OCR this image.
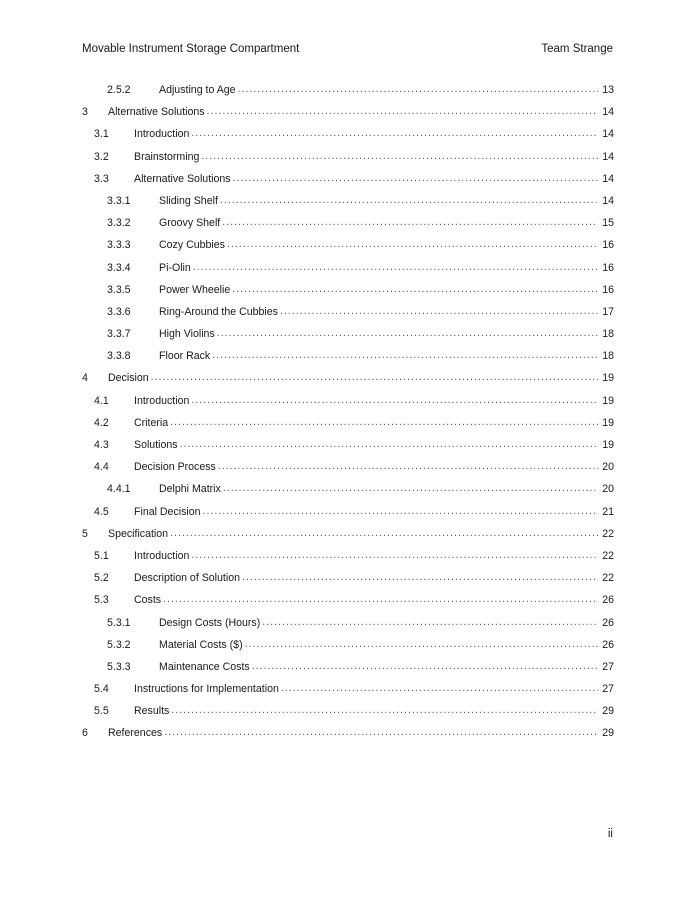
Movable Instrument Storage Compartment	Team Strange
2.5.2	Adjusting to Age .....	13
3	Alternative Solutions .....	14
3.1	Introduction .....	14
3.2	Brainstorming .....	14
3.3	Alternative Solutions .....	14
3.3.1	Sliding Shelf .....	14
3.3.2	Groovy Shelf .....	15
3.3.3	Cozy Cubbies .....	16
3.3.4	Pi-Olin .....	16
3.3.5	Power Wheelie .....	16
3.3.6	Ring-Around the Cubbies .....	17
3.3.7	High Violins .....	18
3.3.8	Floor Rack .....	18
4	Decision .....	19
4.1	Introduction .....	19
4.2	Criteria .....	19
4.3	Solutions .....	19
4.4	Decision Process .....	20
4.4.1	Delphi Matrix .....	20
4.5	Final Decision .....	21
5	Specification .....	22
5.1	Introduction .....	22
5.2	Description of Solution .....	22
5.3	Costs .....	26
5.3.1	Design Costs (Hours) .....	26
5.3.2	Material Costs ($) .....	26
5.3.3	Maintenance Costs .....	27
5.4	Instructions for Implementation .....	27
5.5	Results .....	29
6	References .....	29
ii
